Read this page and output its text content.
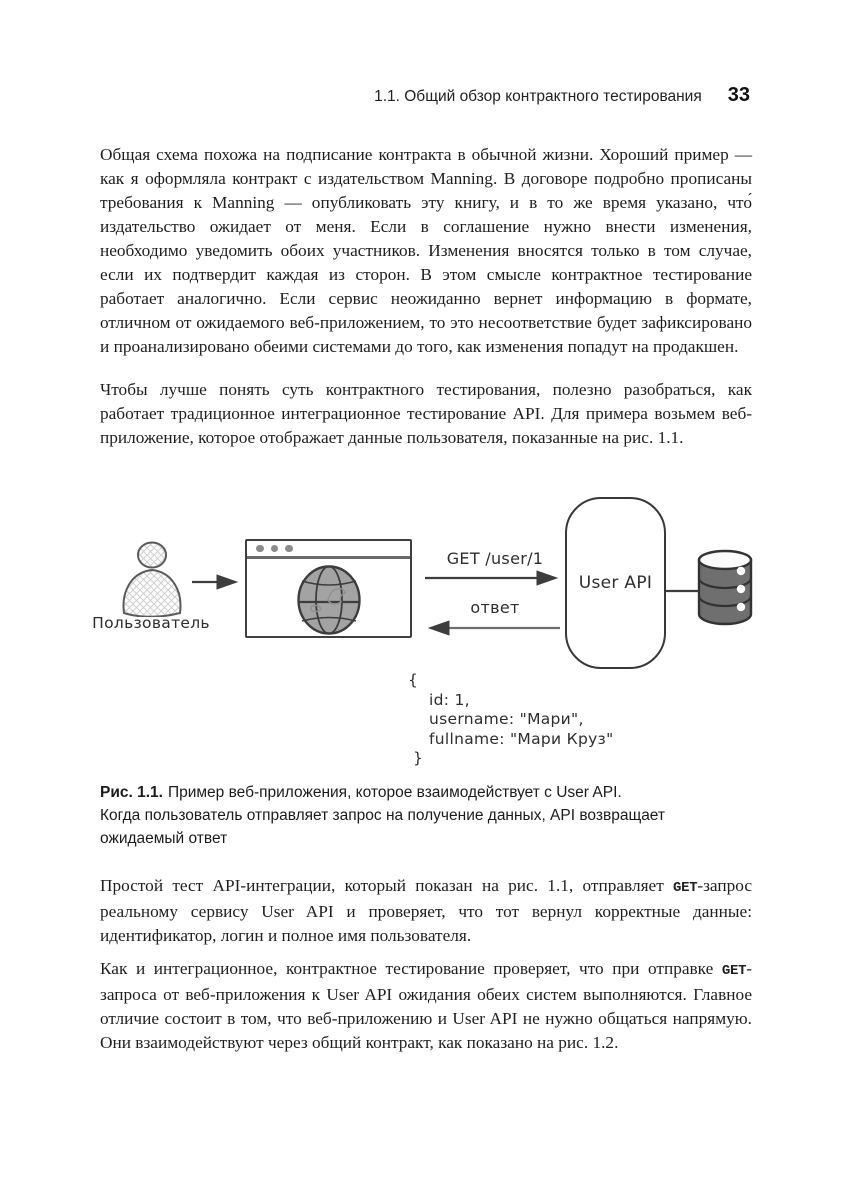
1.1. Общий обзор контрактного тестирования 33

Общая схема похожа на подписание контракта в обычной жизни. Хороший пример — как я оформляла контракт с издательством Manning. В договоре подробно прописаны требования к Manning — опубликовать эту книгу, и в то же время указано, что́ издательство ожидает от меня. Если в соглашение нужно внести изменения, необходимо уведомить обоих участников. Изменения вносятся только в том случае, если их подтвердит каждая из сторон. В этом смысле контрактное тестирование работает аналогично. Если сервис неожиданно вернет информацию в формате, отличном от ожидаемого веб-приложением, то это несоответствие будет зафиксировано и проанализировано обеими системами до того, как изменения попадут на продакшен.

Чтобы лучше понять суть контрактного тестирования, полезно разобраться, как работает традиционное интеграционное тестирование API. Для примера возьмем веб-приложение, которое отображает данные пользователя, показанные на рис. 1.1.

Пользователь
GET /user/1
ответ
User API
{
id: 1,
username: "Мари",
fullname: "Мари Круз"
}
Рис. 1.1. Пример веб-приложения, которое взаимодействует с User API.
Когда пользователь отправляет запрос на получение данных, API возвращает
ожидаемый ответ

Простой тест API-интеграции, который показан на рис. 1.1, отправляет GET-запрос реальному сервису User API и проверяет, что тот вернул корректные данные: идентификатор, логин и полное имя пользователя.

Как и интеграционное, контрактное тестирование проверяет, что при отправке GET-запроса от веб-приложения к User API ожидания обеих систем выполняются. Главное отличие состоит в том, что веб-приложению и User API не нужно общаться напрямую. Они взаимодействуют через общий контракт, как показано на рис. 1.2.
